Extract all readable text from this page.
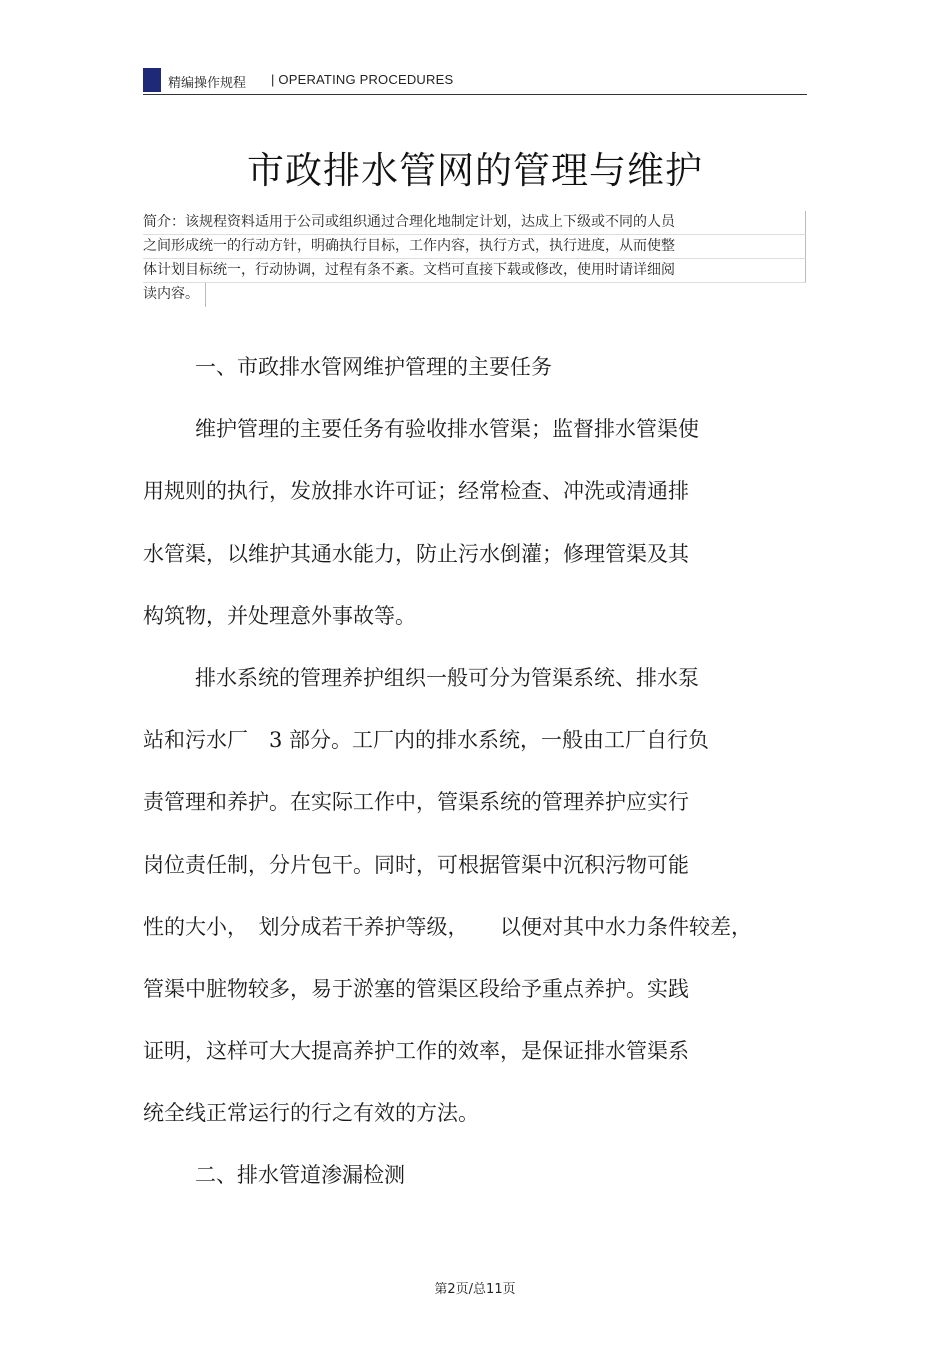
精编操作规程 | OPERATING PROCEDURES
市政排水管网的管理与维护
简介：该规程资料适用于公司或组织通过合理化地制定计划，达成上下级或不同的人员
之间形成统一的行动方针，明确执行目标，工作内容，执行方式，执行进度，从而使整
体计划目标统一，行动协调，过程有条不紊。文档可直接下载或修改，使用时请详细阅
读内容。
一、市政排水管网维护管理的主要任务
维护管理的主要任务有验收排水管渠；监督排水管渠使
用规则的执行，发放排水许可证；经常检查、冲洗或清通排
水管渠，以维护其通水能力，防止污水倒灌；修理管渠及其
构筑物，并处理意外事故等。
排水系统的管理养护组织一般可分为管渠系统、排水泵
站和污水厂　3 部分。工厂内的排水系统，一般由工厂自行负
责管理和养护。在实际工作中，管渠系统的管理养护应实行
岗位责任制，分片包干。同时，可根据管渠中沉积污物可能
性的大小，　划分成若干养护等级，　　以便对其中水力条件较差，
管渠中脏物较多，易于淤塞的管渠区段给予重点养护。实践
证明，这样可大大提高养护工作的效率，是保证排水管渠系
统全线正常运行的行之有效的方法。
二、排水管道渗漏检测
第2页/总11页
